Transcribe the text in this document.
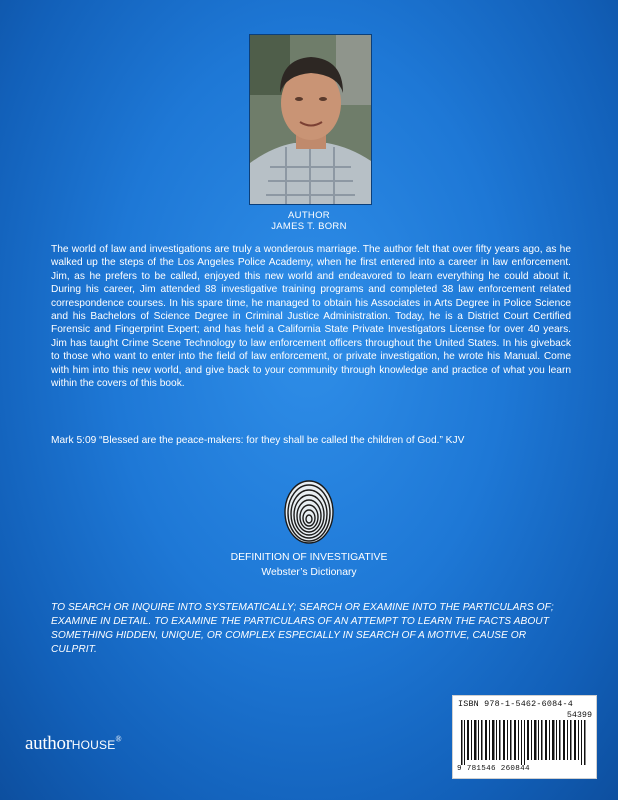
AUTHOR
JAMES T. BORN
The world of law and investigations are truly a wonderous marriage. The author felt that over fifty years ago, as he walked up the steps of the Los Angeles Police Academy, when he first entered into a career in law enforcement. Jim, as he prefers to be called, enjoyed this new world and endeavored to learn everything he could about it. During his career, Jim attended 88 investigative training programs and completed 38 law enforcement related correspondence courses. In his spare time, he managed to obtain his Associates in Arts Degree in Police Science and his Bachelors of Science Degree in Criminal Justice Administration. Today, he is a District Court Certified Forensic and Fingerprint Expert; and has held a California State Private Investigators License for over 40 years. Jim has taught Crime Scene Technology to law enforcement officers throughout the United States. In his giveback to those who want to enter into the field of law enforcement, or private investigation, he wrote his Manual. Come with him into this new world, and give back to your community through knowledge and practice of what you learn within the covers of this book.
Mark 5:09 “Blessed are the peace-makers: for they shall be called the children of God.” KJV
DEFINITION OF INVESTIGATIVE
Webster’s Dictionary
TO SEARCH OR INQUIRE INTO SYSTEMATICALLY; SEARCH OR EXAMINE INTO THE PARTICULARS OF; EXAMINE IN DETAIL. TO EXAMINE THE PARTICULARS OF AN ATTEMPT TO LEARN THE FACTS ABOUT SOMETHING HIDDEN, UNIQUE, OR COMPLEX ESPECIALLY IN SEARCH OF A MOTIVE, CAUSE OR CULPRIT.
authorHOUSE®
ISBN 978-1-5462-6084-4
54399
9 781546 260844
